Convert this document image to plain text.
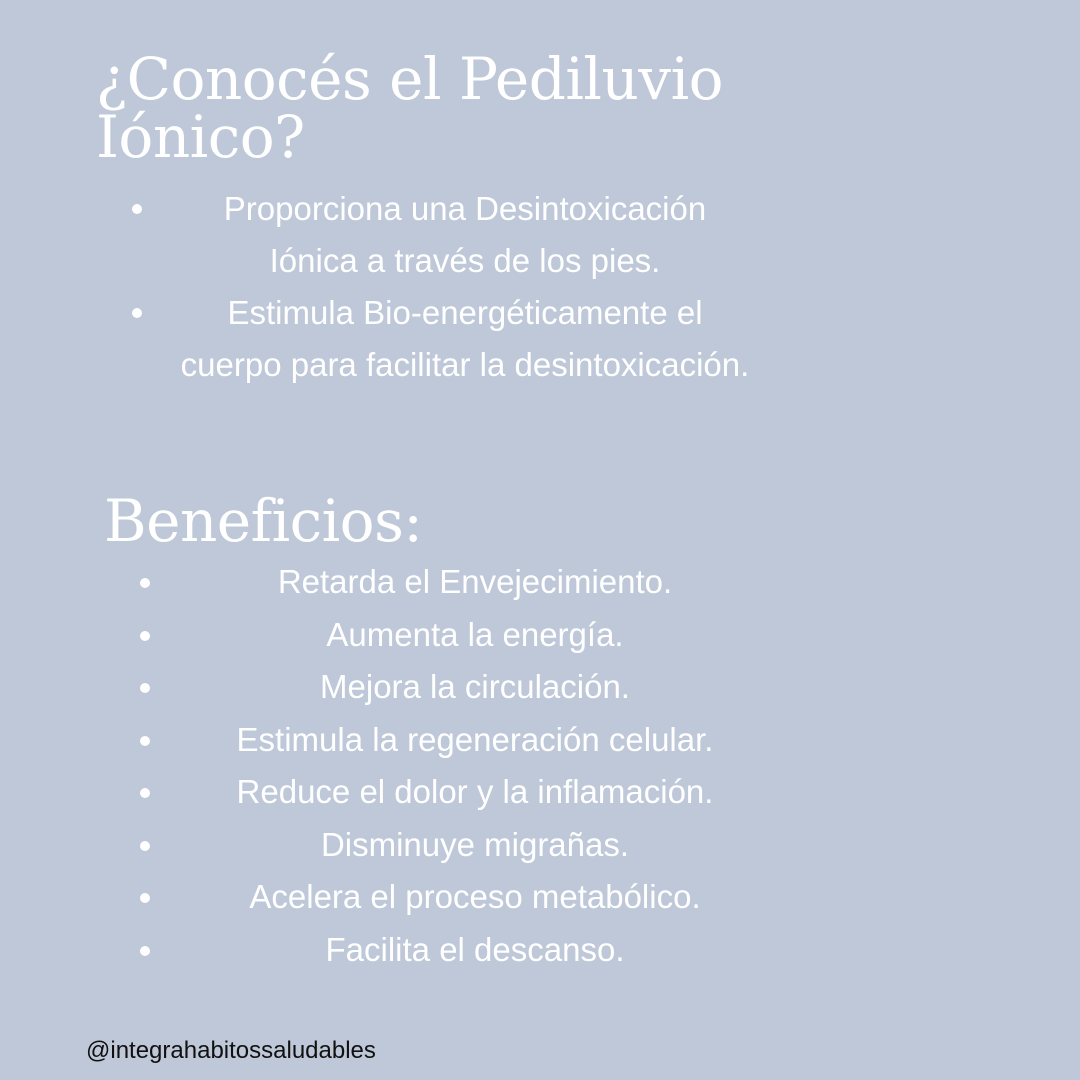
¿Conocés el Pediluvio Iónico?
Proporciona una Desintoxicación Iónica a través de los pies.
Estimula Bio-energéticamente el cuerpo para facilitar la desintoxicación.
Beneficios:
Retarda el Envejecimiento.
Aumenta la energía.
Mejora la circulación.
Estimula la regeneración celular.
Reduce el dolor y la inflamación.
Disminuye migrañas.
Acelera el proceso metabólico.
Facilita el descanso.
@integrahabitossaludables
